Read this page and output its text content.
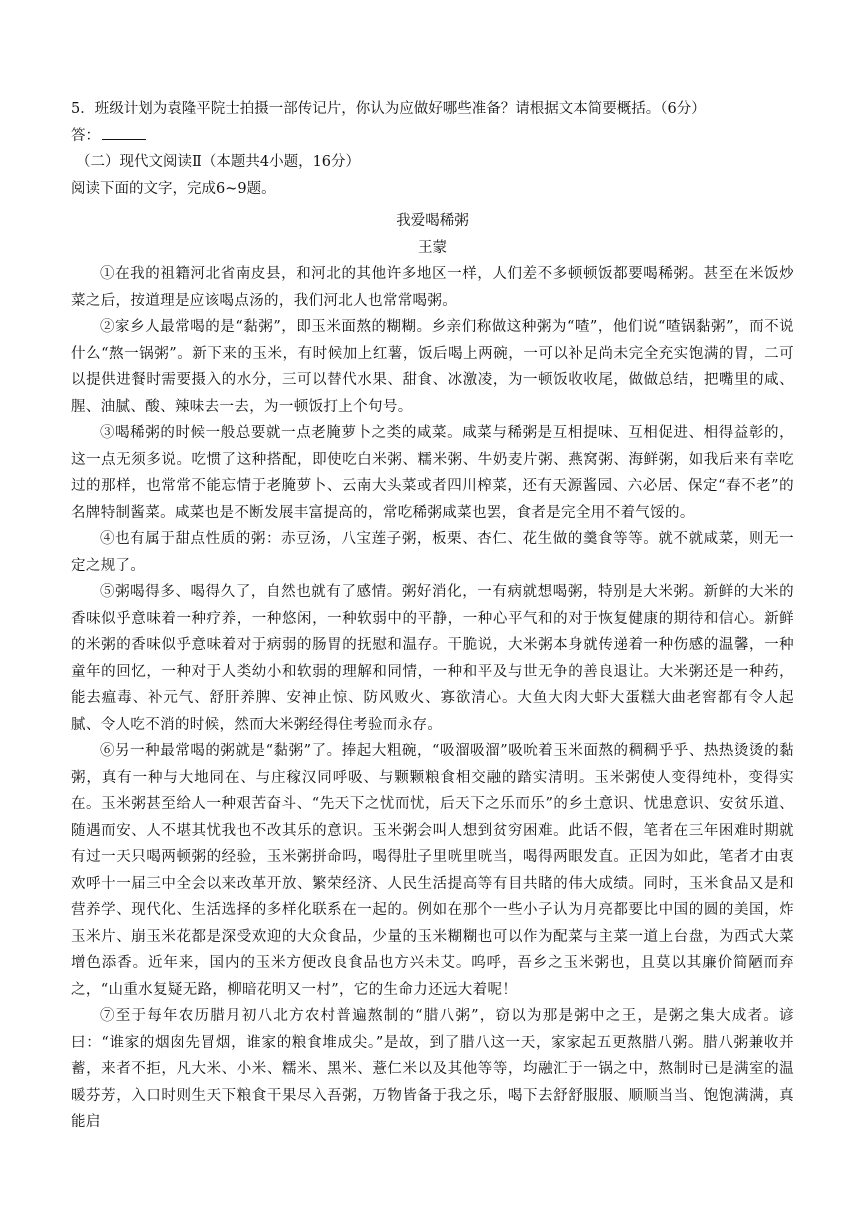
5．班级计划为袁隆平院士拍摄一部传记片，你认为应做好哪些准备？请根据文本简要概括。（6分）
答：
（二）现代文阅读Ⅱ（本题共4小题，16分）
阅读下面的文字，完成6~9题。
我爱喝稀粥
王蒙

①在我的祖籍河北省南皮县，和河北的其他许多地区一样，人们差不多顿顿饭都要喝稀粥。甚至在米饭炒菜之后，按道理是应该喝点汤的，我们河北人也常常喝粥。

②家乡人最常喝的是“黏粥”，即玉米面熬的糊糊。乡亲们称做这种粥为“喳”，他们说“喳锅黏粥”，而不说什么“熬一锅粥”。新下来的玉米，有时候加上红薯，饭后喝上两碗，一可以补足尚未完全充实饱满的胃，二可以提供进餐时需要摄入的水分，三可以替代水果、甜食、冰激凌，为一顿饭收收尾，做做总结，把嘴里的咸、腥、油腻、酸、辣味去一去，为一顿饭打上个句号。

③喝稀粥的时候一般总要就一点老腌萝卜之类的咸菜。咸菜与稀粥是互相提味、互相促进、相得益彰的，这一点无须多说。吃惯了这种搭配，即使吃白米粥、糯米粥、牛奶麦片粥、燕窝粥、海鲜粥，如我后来有幸吃过的那样，也常常不能忘情于老腌萝卜、云南大头菜或者四川榨菜，还有天源酱园、六必居、保定“春不老”的名牌特制酱菜。咸菜也是不断发展丰富提高的，常吃稀粥咸菜也罢，食者是完全用不着气馁的。

④也有属于甜点性质的粥：赤豆汤，八宝莲子粥，板栗、杏仁、花生做的羹食等等。就不就咸菜，则无一定之规了。

⑤粥喝得多、喝得久了，自然也就有了感情。粥好消化，一有病就想喝粥，特别是大米粥。新鲜的大米的香味似乎意味着一种疗养，一种悠闲，一种软弱中的平静，一种心平气和的对于恢复健康的期待和信心。新鲜的米粥的香味似乎意味着对于病弱的肠胃的抚慰和温存。干脆说，大米粥本身就传递着一种伤感的温馨，一种童年的回忆，一种对于人类幼小和软弱的理解和同情，一种和平及与世无争的善良退让。大米粥还是一种药，能去瘟毒、补元气、舒肝养脾、安神止惊、防风败火、寡欲清心。大鱼大肉大虾大蛋糕大曲老窖都有令人起腻、令人吃不消的时候，然而大米粥经得住考验而永存。

⑥另一种最常喝的粥就是“黏粥”了。捧起大粗碗，“吸溜吸溜”吸吮着玉米面熬的稠稠乎乎、热热烫烫的黏粥，真有一种与大地同在、与庄稼汉同呼吸、与颗颗粮食相交融的踏实清明。玉米粥使人变得纯朴，变得实在。玉米粥甚至给人一种艰苦奋斗、“先天下之忧而忧，后天下之乐而乐”的乡土意识、忧患意识、安贫乐道、随遇而安、人不堪其忧我也不改其乐的意识。玉米粥会叫人想到贫穷困难。此话不假，笔者在三年困难时期就有过一天只喝两顿粥的经验，玉米粥拼命吗，喝得肚子里咣里咣当，喝得两眼发直。正因为如此，笔者才由衷欢呼十一届三中全会以来改革开放、繁荣经济、人民生活提高等有目共睹的伟大成绩。同时，玉米食品又是和营养学、现代化、生活选择的多样化联系在一起的。例如在那个一些小子认为月亮都要比中国的圆的美国，炸玉米片、崩玉米花都是深受欢迎的大众食品，少量的玉米糊糊也可以作为配菜与主菜一道上台盘，为西式大菜增色添香。近年来，国内的玉米方便改良食品也方兴未艾。呜呼，吾乡之玉米粥也，且莫以其廉价简陋而弃之，“山重水复疑无路，柳暗花明又一村”，它的生命力还远大着呢！

⑦至于每年农历腊月初八北方农村普遍熬制的“腊八粥”，窃以为那是粥中之王，是粥之集大成者。谚曰：“谁家的烟囱先冒烟，谁家的粮食堆成尖。”是故，到了腊八这一天，家家起五更熬腊八粥。腊八粥兼收并蓄，来者不拒，凡大米、小米、糯米、黑米、薏仁米以及其他等等，均融汇于一锅之中，熬制时已是满室的温暖芬芳，入口时则生天下粮食干果尽入吾粥，万物皆备于我之乐，喝下去舒舒服服、顺顺当当、饱饱满满，真能启
